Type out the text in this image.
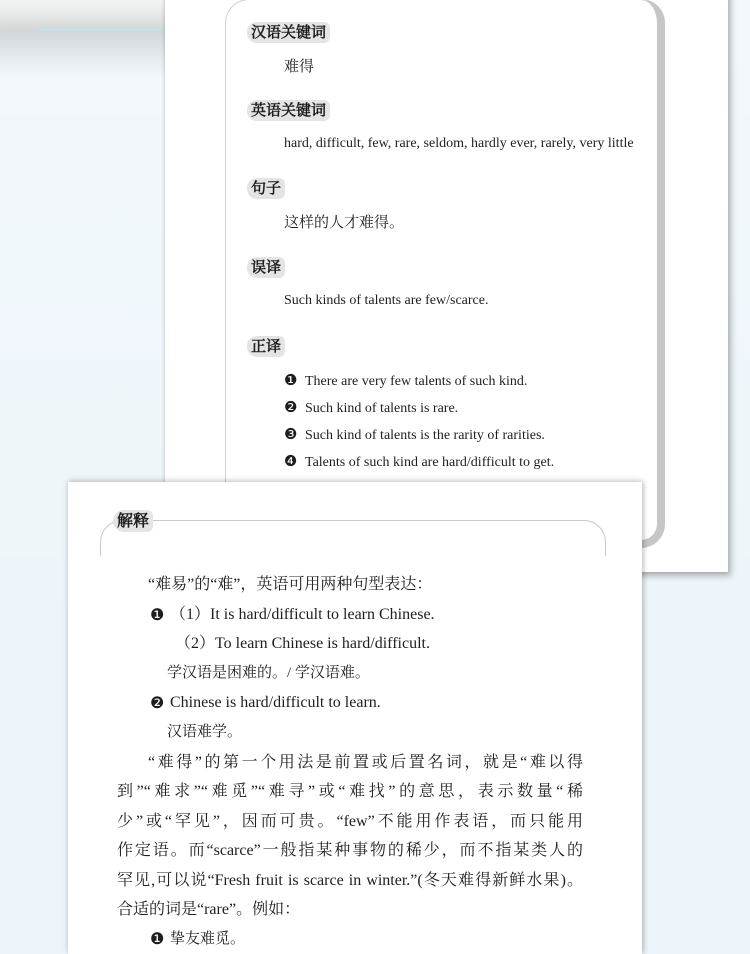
汉语关键词
难得
英语关键词
hard, difficult, few, rare, seldom, hardly ever, rarely, very little
句子
这样的人才难得。
误译
Such kinds of talents are few/scarce.
正译
❶ There are very few talents of such kind.
❷ Such kind of talents is rare.
❸ Such kind of talents is the rarity of rarities.
❹ Talents of such kind are hard/difficult to get.
解释
“难易”的“难”，英语可用两种句型表达：
❶ （1）It is hard/difficult to learn Chinese.
（2）To learn Chinese is hard/difficult.
学汉语是困难的。/ 学汉语难。
❷ Chinese is hard/difficult to learn.
汉语难学。
“难得”的第一个用法是前置或后置名词，就是“难以得
到”“难求”“难觅”“难寻”或“难找”的意思，表示数量“稀
少”或“罕见”，因而可贵。“few”不能用作表语，而只能用
作定语。而“scarce”一般指某种事物的稀少，而不指某类人的
罕见,可以说“Fresh fruit is scarce in winter.”(冬天难得新鲜水果)。
合适的词是“rare”。例如：
❶ 挚友难觅。
